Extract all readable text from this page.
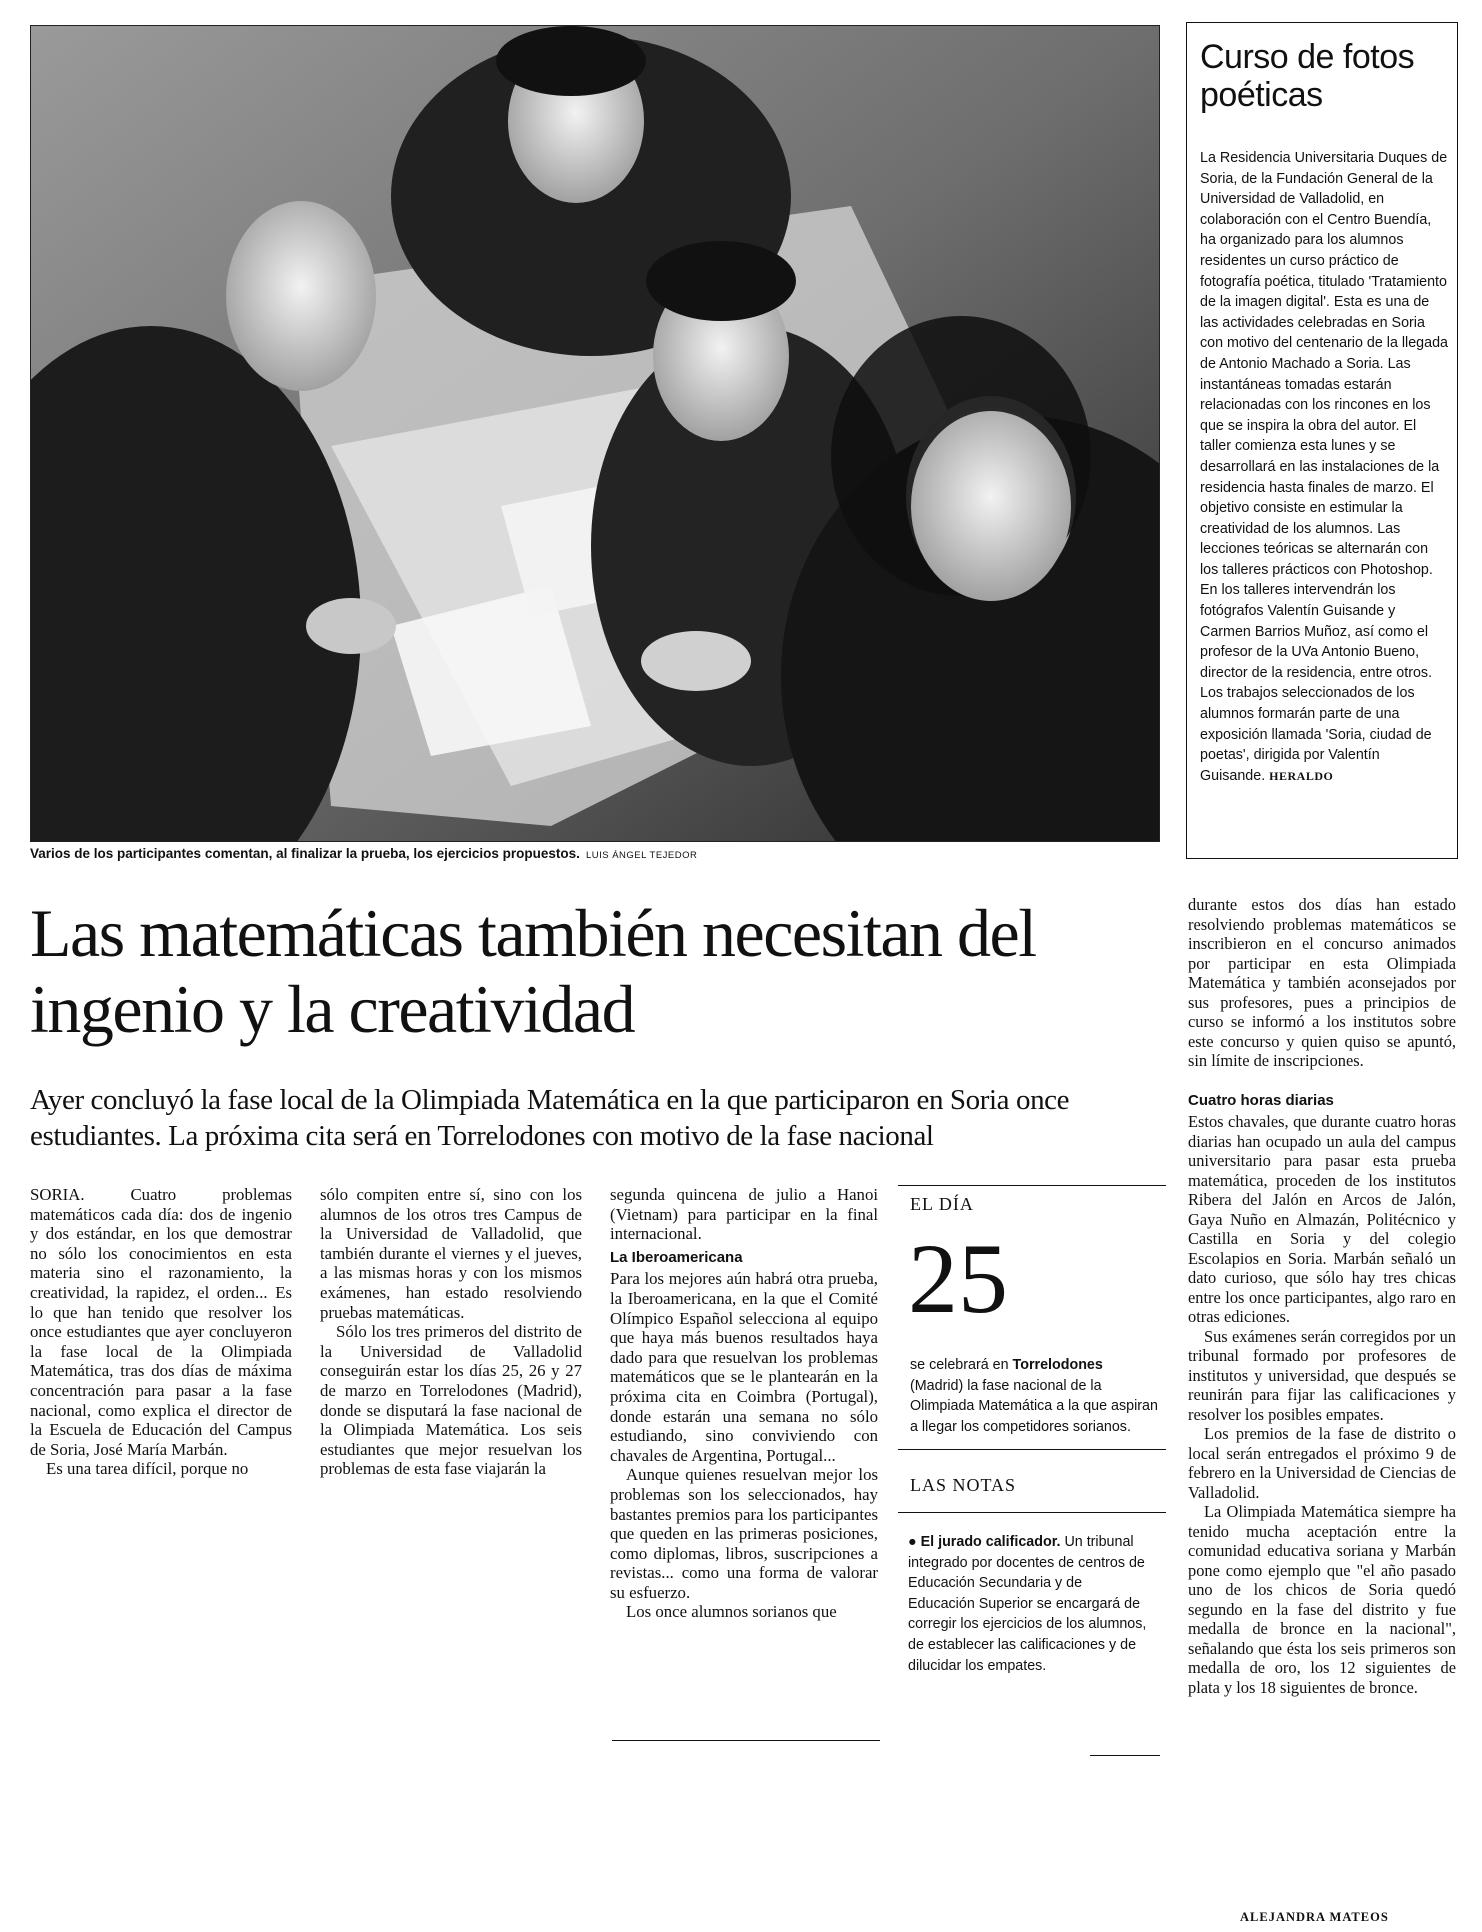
Varios de los participantes comentan, al finalizar la prueba, los ejercicios propuestos. LUIS ÁNGEL TEJEDOR
Curso de fotos poéticas
La Residencia Universitaria Duques de Soria, de la Fundación General de la Universidad de Valladolid, en colaboración con el Centro Buendía, ha organizado para los alumnos residentes un curso práctico de fotografía poética, titulado 'Tratamiento de la imagen digital'. Esta es una de las actividades celebradas en Soria con motivo del centenario de la llegada de Antonio Machado a Soria. Las instantáneas tomadas estarán relacionadas con los rincones en los que se inspira la obra del autor. El taller comienza esta lunes y se desarrollará en las instalaciones de la residencia hasta finales de marzo. El objetivo consiste en estimular la creatividad de los alumnos. Las lecciones teóricas se alternarán con los talleres prácticos con Photoshop. En los talleres intervendrán los fotógrafos Valentín Guisande y Carmen Barrios Muñoz, así como el profesor de la UVa Antonio Bueno, director de la residencia, entre otros. Los trabajos seleccionados de los alumnos formarán parte de una exposición llamada 'Soria, ciudad de poetas', dirigida por Valentín Guisande. HERALDO
Las matemáticas también necesitan del ingenio y la creatividad
Ayer concluyó la fase local de la Olimpiada Matemática en la que participaron en Soria once estudiantes. La próxima cita será en Torrelodones con motivo de la fase nacional

SORIA.	Cuatro problemas matemáticos cada día: dos de ingenio y dos estándar, en los que demostrar no sólo los conocimientos en esta materia sino el razonamiento, la creatividad, la rapidez, el orden... Es lo que han tenido que resolver los once estudiantes que ayer concluyeron la fase local de la Olimpiada Matemática, tras dos días de máxima concentración para pasar a la fase nacional, como explica el director de la Escuela de Educación del Campus de Soria, José María Marbán.

Es una tarea difícil, porque no

sólo compiten entre sí, sino con los alumnos de los otros tres Campus de la Universidad de Valladolid, que también durante el viernes y el jueves, a las mismas horas y con los mismos exámenes, han estado resolviendo pruebas matemáticas.

Sólo los tres primeros del distrito de la Universidad de Valladolid conseguirán estar los días 25, 26 y 27 de marzo en Torrelodones (Madrid), donde se disputará la fase nacional de la Olimpiada Matemática. Los seis estudiantes que mejor resuelvan los problemas de esta fase viajarán la

segunda quincena de julio a Hanoi (Vietnam) para participar en la final internacional.

La Iberoamericana

Para los mejores aún habrá otra prueba, la Iberoamericana, en la que el Comité Olímpico Español selecciona al equipo que haya más buenos resultados haya dado para que resuelvan los problemas matemáticos que se le plantearán en la próxima cita en Coimbra (Portugal), donde estarán una semana no sólo estudiando, sino conviviendo con chavales de Argentina, Portugal...

Aunque quienes resuelvan mejor los problemas son los seleccionados, hay bastantes premios para los participantes que queden en las primeras posiciones, como diplomas, libros, suscripciones a revistas... como una forma de valorar su esfuerzo.

Los once alumnos sorianos que

EL DÍA
25
se celebrará en Torrelodones (Madrid) la fase nacional de la Olimpiada Matemática a la que aspiran a llegar los competidores sorianos.
LAS NOTAS
● El jurado calificador. Un tribunal integrado por docentes de centros de Educación Secundaria y de Educación Superior se encargará de corregir los ejercicios de los alumnos, de establecer las calificaciones y de dilucidar los empates.

durante estos dos días han estado resolviendo problemas matemáticos se inscribieron en el concurso animados por participar en esta Olimpiada Matemática y también aconsejados por sus profesores, pues a principios de curso se informó a los institutos sobre este concurso y quien quiso se apuntó, sin límite de inscripciones.

Cuatro horas diarias

Estos chavales, que durante cuatro horas diarias han ocupado un aula del campus universitario para pasar esta prueba matemática, proceden de los institutos Ribera del Jalón en Arcos de Jalón, Gaya Nuño en Almazán, Politécnico y Castilla en Soria y del colegio Escolapios en Soria. Marbán señaló un dato curioso, que sólo hay tres chicas entre los once participantes, algo raro en otras ediciones.

Sus exámenes serán corregidos por un tribunal formado por profesores de institutos y universidad, que después se reunirán para fijar las calificaciones y resolver los posibles empates.

Los premios de la fase de distrito o local serán entregados el próximo 9 de febrero en la Universidad de Ciencias de Valladolid.

La Olimpiada Matemática siempre ha tenido mucha aceptación entre la comunidad educativa soriana y Marbán pone como ejemplo que "el año pasado uno de los chicos de Soria quedó segundo en la fase del distrito y fue medalla de bronce en la nacional", señalando que ésta los seis primeros son medalla de oro, los 12 siguientes de plata y los 18 siguientes de bronce.

ALEJANDRA MATEOS
